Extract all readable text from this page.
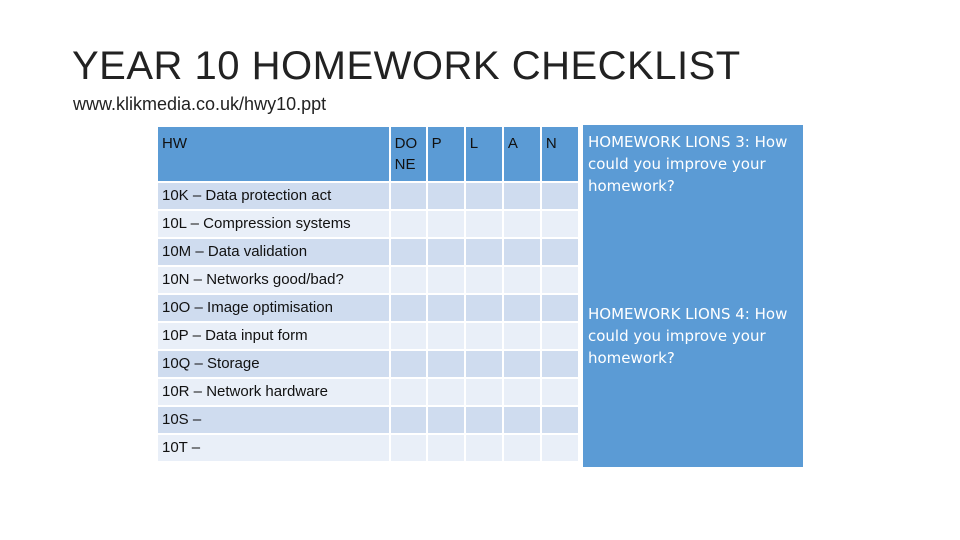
YEAR 10 HOMEWORK CHECKLIST
www.klikmedia.co.uk/hwy10.ppt
HW	DONE	P	L	A	N
10K – Data protection act					
10L – Compression systems					
10M – Data validation					
10N – Networks good/bad?					
10O – Image optimisation					
10P – Data input form					
10Q – Storage					
10R – Network hardware					
10S –					
10T –					
HOMEWORK LIONS 3: How could you improve your homework?
HOMEWORK LIONS 4: How could you improve your homework?
